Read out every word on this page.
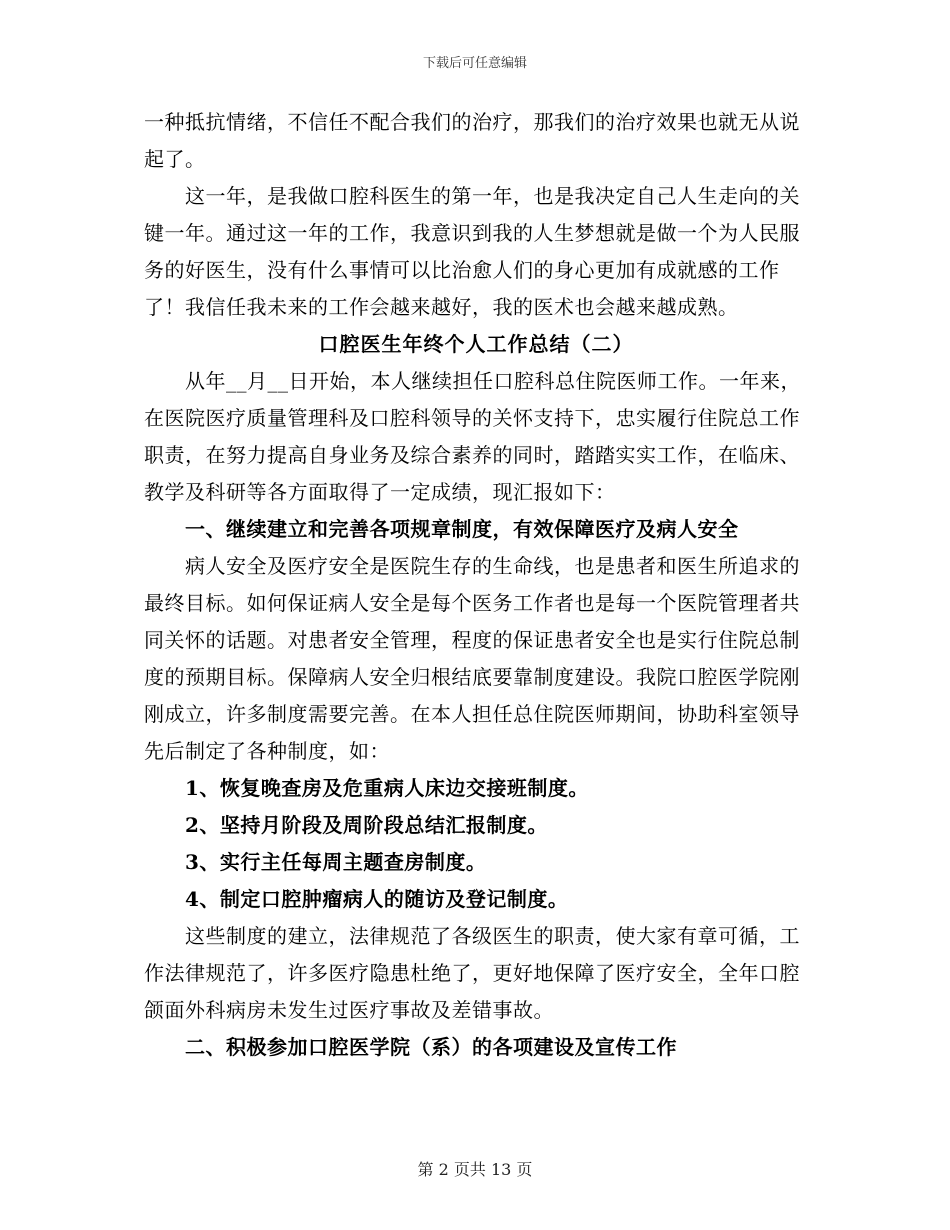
下载后可任意编辑

一种抵抗情绪，不信任不配合我们的治疗，那我们的治疗效果也就无从说起了。

这一年，是我做口腔科医生的第一年，也是我决定自己人生走向的关键一年。通过这一年的工作，我意识到我的人生梦想就是做一个为人民服务的好医生，没有什么事情可以比治愈人们的身心更加有成就感的工作了！我信任我未来的工作会越来越好，我的医术也会越来越成熟。

口腔医生年终个人工作总结（二）

从年__月__日开始，本人继续担任口腔科总住院医师工作。一年来，在医院医疗质量管理科及口腔科领导的关怀支持下，忠实履行住院总工作职责，在努力提高自身业务及综合素养的同时，踏踏实实工作，在临床、教学及科研等各方面取得了一定成绩，现汇报如下：

一、继续建立和完善各项规章制度，有效保障医疗及病人安全

病人安全及医疗安全是医院生存的生命线，也是患者和医生所追求的最终目标。如何保证病人安全是每个医务工作者也是每一个医院管理者共同关怀的话题。对患者安全管理，程度的保证患者安全也是实行住院总制度的预期目标。保障病人安全归根结底要靠制度建设。我院口腔医学院刚刚成立，许多制度需要完善。在本人担任总住院医师期间，协助科室领导先后制定了各种制度，如：

1、恢复晚查房及危重病人床边交接班制度。

2、坚持月阶段及周阶段总结汇报制度。

3、实行主任每周主题查房制度。

4、制定口腔肿瘤病人的随访及登记制度。

这些制度的建立，法律规范了各级医生的职责，使大家有章可循，工作法律规范了，许多医疗隐患杜绝了，更好地保障了医疗安全，全年口腔颌面外科病房未发生过医疗事故及差错事故。

二、积极参加口腔医学院（系）的各项建设及宣传工作

第 2 页共 13 页
